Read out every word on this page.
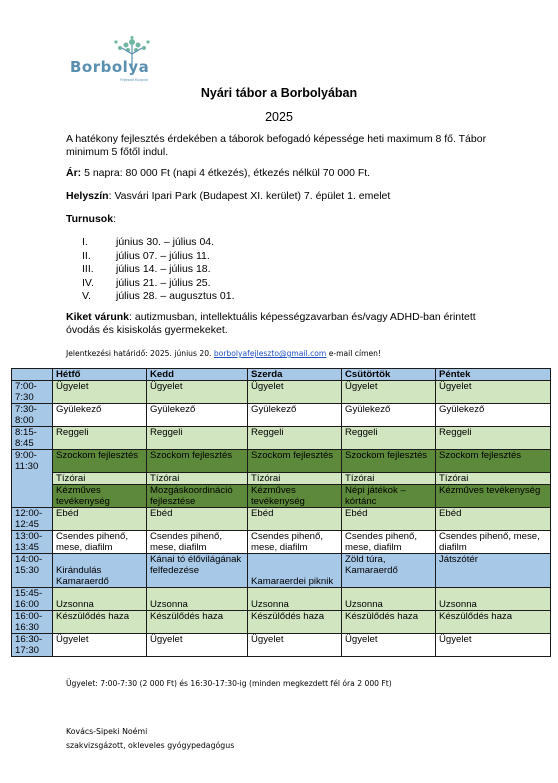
Borbolya
Fejlesztő Központ
Nyári tábor a Borbolyában
2025
A hatékony fejlesztés érdekében a táborok befogadó képessége heti maximum 8 fő. Tábor minimum 5 főtől indul.
Ár: 5 napra: 80 000 Ft (napi 4 étkezés), étkezés nélkül 70 000 Ft.
Helyszín: Vasvári Ipari Park (Budapest XI. kerület) 7. épület 1. emelet
Turnusok:
I.	június 30. – július 04.
II. július 07. – július 11.
III. július 14. – július 18.
IV. július 21. – július 25.
V. július 28. – augusztus 01.
Kiket várunk: autizmusban, intellektuális képességzavarban és/vagy ADHD-ban érintett óvodás és kisiskolás gyermekeket.
Jelentkezési határidő: 2025. június 20. borbolyafejleszto@gmail.com e-mail címen!
	Hétfő	Kedd	Szerda	Csütörtök	Péntek
7:00-7:30	Ügyelet	Ügyelet	Ügyelet	Ügyelet	Ügyelet
7:30-8:00	Gyülekező	Gyülekező	Gyülekező	Gyülekező	Gyülekező
8:15-8:45	Reggeli	Reggeli	Reggeli	Reggeli	Reggeli
9:00-11:30	Szockom fejlesztés	Szockom fejlesztés	Szockom fejlesztés	Szockom fejlesztés	Szockom fejlesztés
	Tízórai	Tízórai	Tízórai	Tízórai	Tízórai
	Kézműves tevékenység	Mozgáskoordináció fejlesztése	Kézműves tevékenység	Népi játékok – kórtánc	Kézműves tevékenység
12:00-12:45	Ebéd	Ebéd	Ebéd	Ebéd	Ebéd
13:00-13:45	Csendes pihenő, mese, diafilm	Csendes pihenő, mese, diafilm	Csendes pihenő, mese, diafilm	Csendes pihenő, mese, diafilm	Csendes pihenő, mese, diafilm
14:00-15:30	Kirándulás Kamaraerdő	Kánai tó élővilágának felfedezése	Kamaraerdei piknik	Zöld túra, Kamaraerdő	Játszótér
15:45-16:00	Uzsonna	Uzsonna	Uzsonna	Uzsonna	Uzsonna
16:00-16:30	Készülődés haza	Készülődés haza	Készülődés haza	Készülődés haza	Készülődés haza
16:30-17:30	Ügyelet	Ügyelet	Ügyelet	Ügyelet	Ügyelet
Ügyelet: 7:00-7:30 (2 000 Ft) és 16:30-17:30-ig (minden megkezdett fél óra 2 000 Ft)
Kovács-Sipeki Noémi
szakvizsgázott, okleveles gyógypedagógus
